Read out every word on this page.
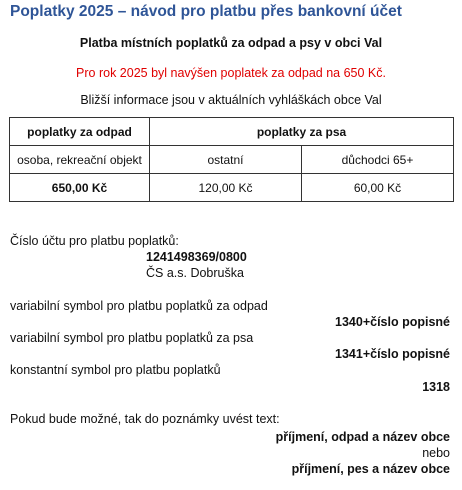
Poplatky 2025 – návod pro platbu přes bankovní účet
Platba místních poplatků za odpad a psy v obci Val
Pro rok 2025 byl navýšen poplatek za odpad na 650 Kč.
Bližší informace jsou v aktuálních vyhláškách obce Val
poplatky za odpad	poplatky za psa	
osoba, rekreační objekt	ostatní	důchodci 65+
650,00 Kč	120,00 Kč	60,00 Kč
Číslo účtu pro platbu poplatků:
1241498369/0800
ČS a.s. Dobruška
variabilní symbol pro platbu poplatků za odpad
1340+číslo popisné
variabilní symbol pro platbu poplatků za psa
1341+číslo popisné
konstantní symbol pro platbu poplatků
1318
Pokud bude možné, tak do poznámky uvést text:
příjmení, odpad a název obce
nebo
příjmení, pes a název obce
